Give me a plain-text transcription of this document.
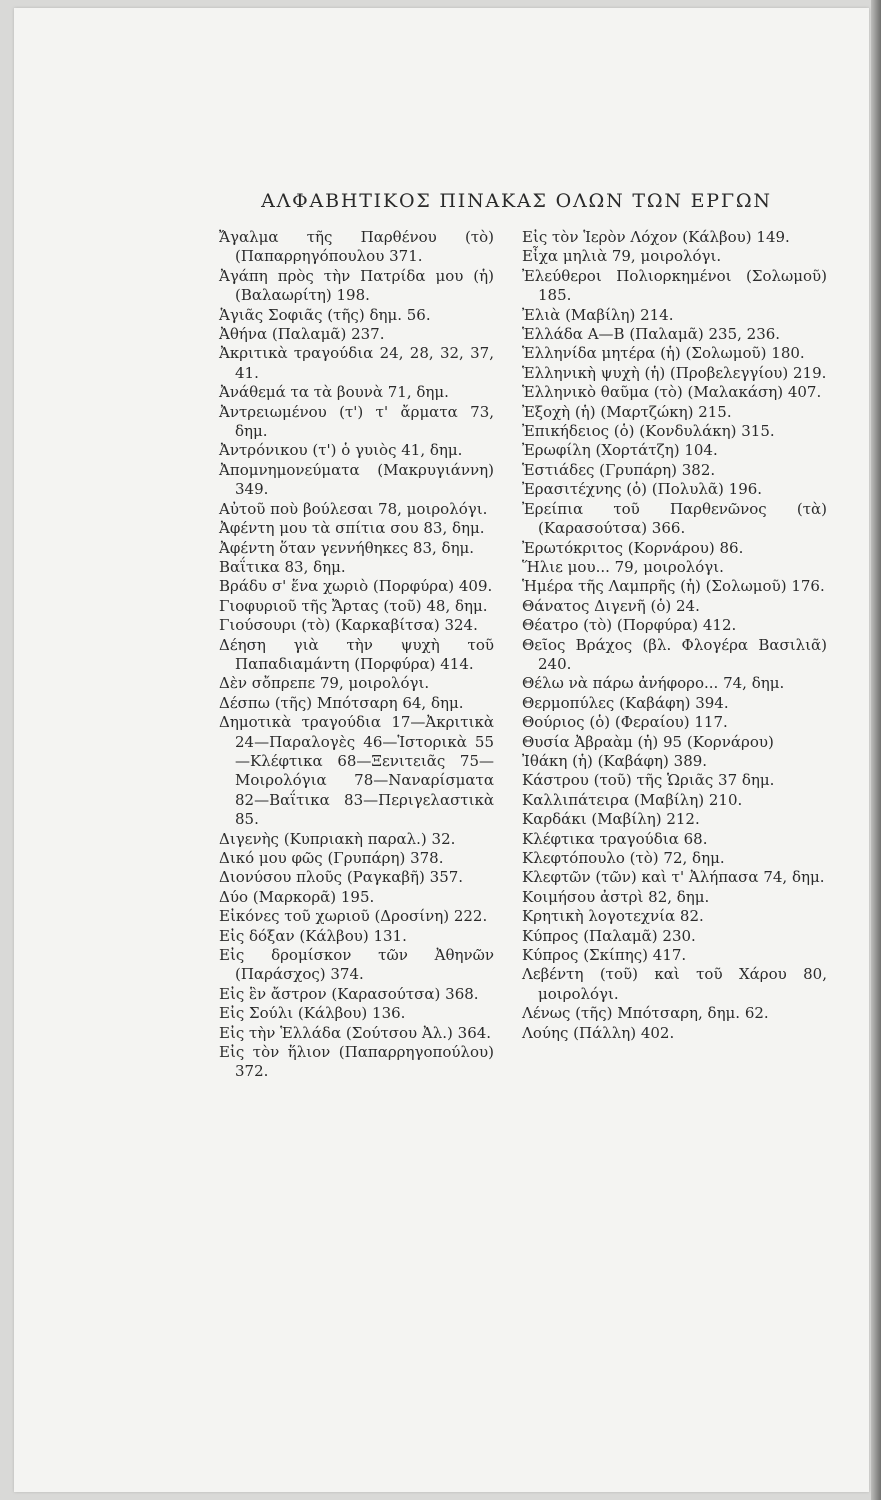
ΑΛΦΑΒΗΤΙΚΟΣ ΠΙΝΑΚΑΣ ΟΛΩΝ ΤΩΝ ΕΡΓΩΝ

Ἄγαλμα τῆς Παρθένου (τὸ) (Παπαρρηγόπουλου 371.

Ἀγάπη πρὸς τὴν Πατρίδα μου (ἡ) (Βαλαωρίτη) 198.

Ἁγιᾶς Σοφιᾶς (τῆς) δημ. 56.

Ἀθήνα (Παλαμᾶ) 237.

Ἀκριτικὰ τραγούδια 24, 28, 32, 37, 41.

Ἀνάθεμά τα τὰ βουνὰ 71, δημ.

Ἀντρειωμένου (τ') τ' ἄρματα 73, δημ.

Ἀντρόνικου (τ') ὁ γυιὸς 41, δημ.

Ἀπομνημονεύματα (Μακρυγιάννη) 349.

Αὐτοῦ ποὺ βούλεσαι 78, μοιρολόγι.

Ἀφέντη μου τὰ σπίτια σου 83, δημ.

Ἀφέντη ὅταν γεννήθηκες 83, δημ.

Βαΐτικα 83, δημ.

Βράδυ σ' ἕνα χωριὸ (Πορφύρα) 409.

Γιοφυριοῦ τῆς Ἄρτας (τοῦ) 48, δημ.

Γιούσουρι (τὸ) (Καρκαβίτσα) 324.

Δέηση γιὰ τὴν ψυχὴ τοῦ Παπαδιαμάντη (Πορφύρα) 414.

Δὲν σὄπρεπε 79, μοιρολόγι.

Δέσπω (τῆς) Μπότσαρη 64, δημ.

Δημοτικὰ τραγούδια 17—Ἀκριτικὰ 24—Παραλογὲς 46—Ἱστορικὰ 55—Κλέφτικα 68—Ξενιτειᾶς 75—Μοιρολόγια 78—Ναναρίσματα 82—Βαΐτικα 83—Περιγελαστικὰ 85.

Διγενὴς (Κυπριακὴ παραλ.) 32.

Δικό μου φῶς (Γρυπάρη) 378.

Διονύσου πλοῦς (Ραγκαβῆ) 357.

Δύο (Μαρκορᾶ) 195.

Εἰκόνες τοῦ χωριοῦ (Δροσίνη) 222.

Εἰς δόξαν (Κάλβου) 131.

Εἰς δρομίσκον τῶν Ἀθηνῶν (Παράσχος) 374.

Εἰς ἓν ἄστρον (Καρασούτσα) 368.

Εἰς Σούλι (Κάλβου) 136.

Εἰς τὴν Ἑλλάδα (Σούτσου Ἀλ.) 364.

Εἰς τὸν ἥλιον (Παπαρρηγοπούλου) 372.

Εἰς τὸν Ἱερὸν Λόχον (Κάλβου) 149.

Εἶχα μηλιὰ 79, μοιρολόγι.

Ἐλεύθεροι Πολιορκημένοι (Σολωμοῦ) 185.

Ἐλιὰ (Μαβίλη) 214.

Ἑλλάδα Α—Β (Παλαμᾶ) 235, 236.

Ἑλληνίδα μητέρα (ἡ) (Σολωμοῦ) 180.

Ἑλληνικὴ ψυχὴ (ἡ) (Προβελεγγίου) 219.

Ἑλληνικὸ θαῦμα (τὸ) (Μαλακάση) 407.

Ἐξοχὴ (ἡ) (Μαρτζώκη) 215.

Ἐπικήδειος (ὁ) (Κονδυλάκη) 315.

Ἐρωφίλη (Χορτάτζη) 104.

Ἑστιάδες (Γρυπάρη) 382.

Ἐρασιτέχνης (ὁ) (Πολυλᾶ) 196.

Ἐρείπια τοῦ Παρθενῶνος (τὰ) (Καρασούτσα) 366.

Ἐρωτόκριτος (Κορνάρου) 86.

Ἥλιε μου... 79, μοιρολόγι.

Ἡμέρα τῆς Λαμπρῆς (ἡ) (Σολωμοῦ) 176.

Θάνατος Διγενῆ (ὁ) 24.

Θέατρο (τὸ) (Πορφύρα) 412.

Θεῖος Βράχος (βλ. Φλογέρα Βασιλιᾶ) 240.

Θέλω νὰ πάρω ἀνήφορο... 74, δημ.

Θερμοπύλες (Καβάφη) 394.

Θούριος (ὁ) (Φεραίου) 117.

Θυσία Ἀβραὰμ (ἡ) 95 (Κορνάρου)

Ἰθάκη (ἡ) (Καβάφη) 389.

Κάστρου (τοῦ) τῆς Ὡριᾶς 37 δημ.

Καλλιπάτειρα (Μαβίλη) 210.

Καρδάκι (Μαβίλη) 212.

Κλέφτικα τραγούδια 68.

Κλεφτόπουλο (τὸ) 72, δημ.

Κλεφτῶν (τῶν) καὶ τ' Ἀλήπασα 74, δημ.

Κοιμήσου ἀστρὶ 82, δημ.

Κρητικὴ λογοτεχνία 82.

Κύπρος (Παλαμᾶ) 230.

Κύπρος (Σκίπης) 417.

Λεβέντη (τοῦ) καὶ τοῦ Χάρου 80, μοιρολόγι.

Λένως (τῆς) Μπότσαρη, δημ. 62.

Λούης (Πάλλη) 402.
